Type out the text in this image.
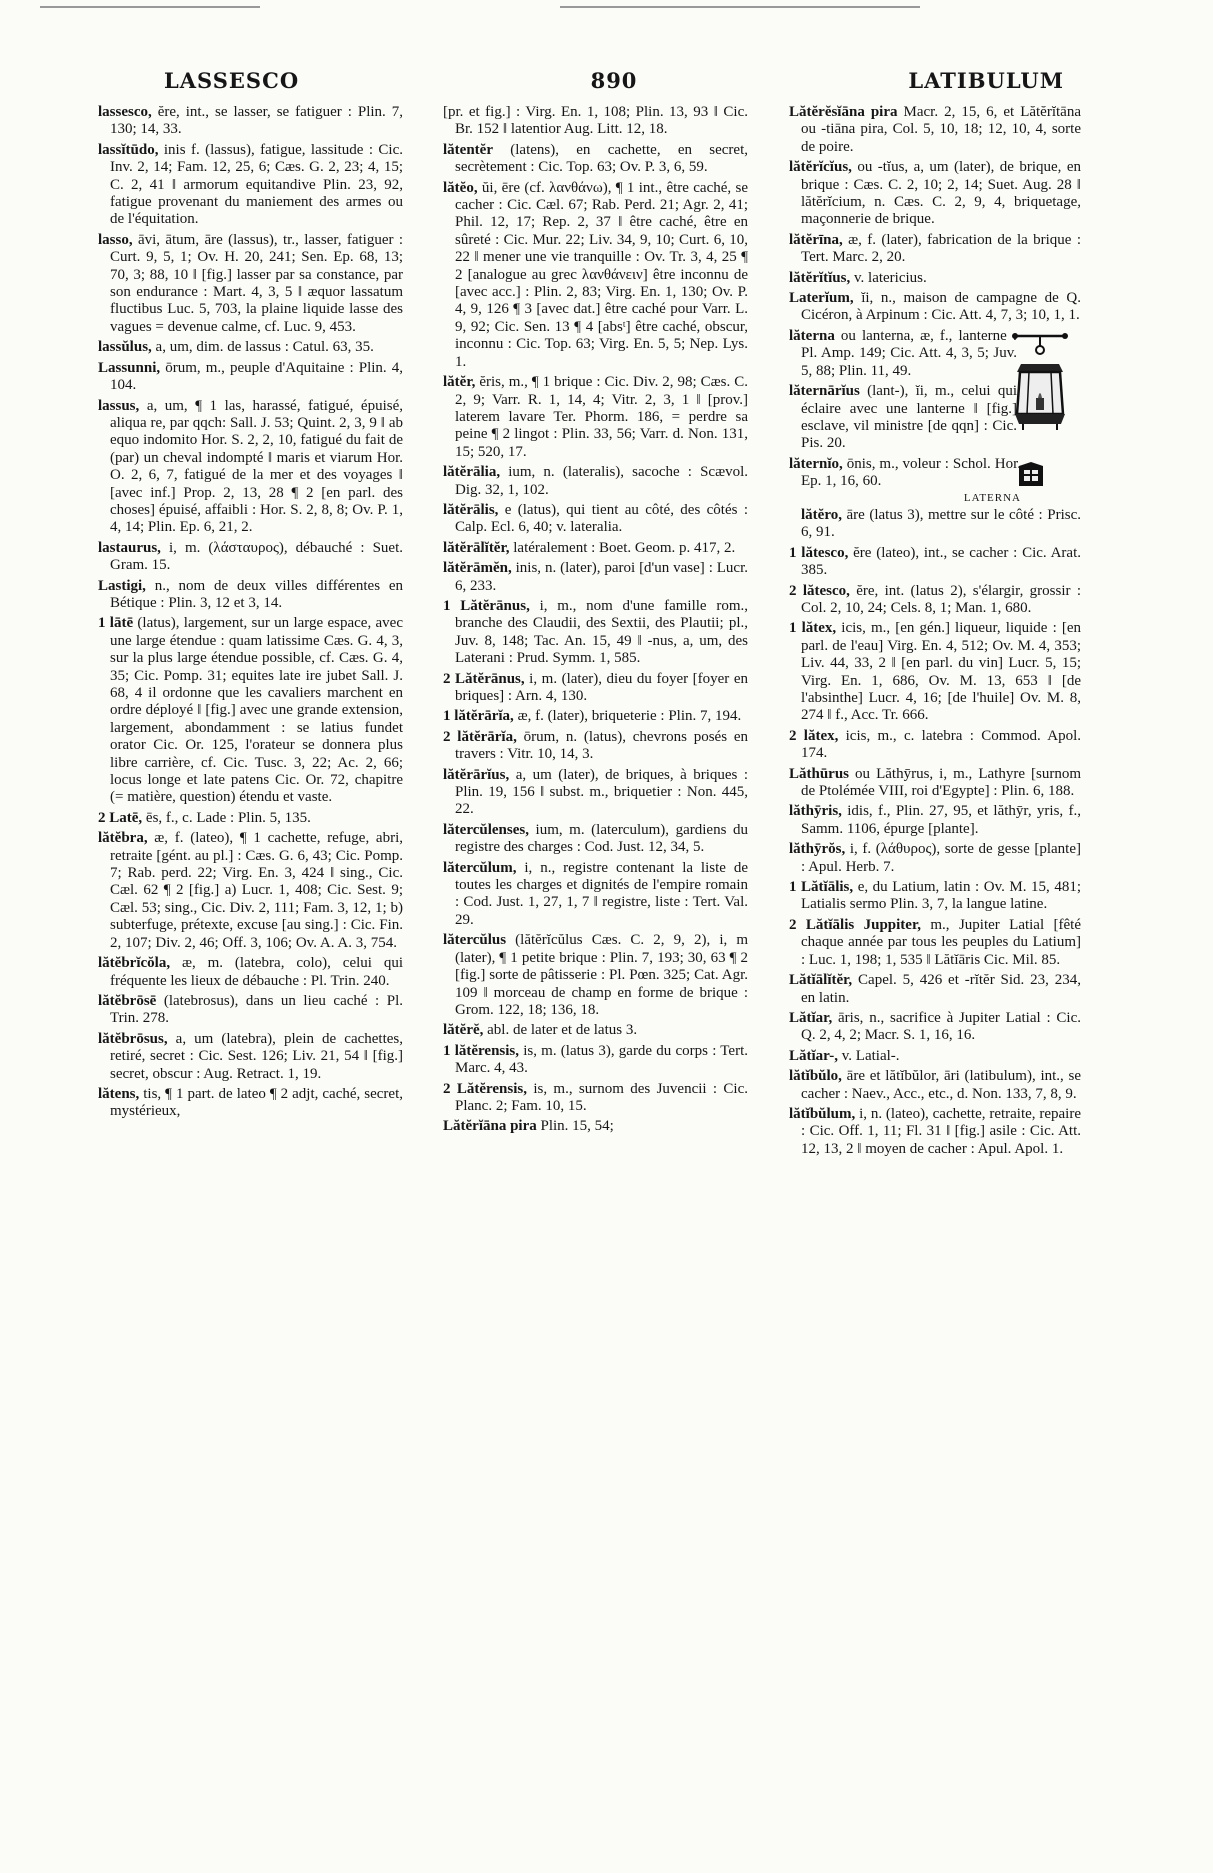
LASSESCO	890	LATIBULUM

lassesco, ĕre, int., se lasser, se fatiguer : Plin. 7, 130; 14, 33.

lassĭtūdo, inis f. (lassus), fatigue, lassitude : Cic. Inv. 2, 14; Fam. 12, 25, 6; Cæs. G. 2, 23; 4, 15; C. 2, 41 ‖ armorum equitandive Plin. 23, 92, fatigue provenant du maniement des armes ou de l'équitation.

lasso, āvi, ātum, āre (lassus), tr., lasser, fatiguer : Curt. 9, 5, 1; Ov. H. 20, 241; Sen. Ep. 68, 13; 70, 3; 88, 10 ‖ [fig.] lasser par sa constance, par son endurance : Mart. 4, 3, 5 ‖ æquor lassatum fluctibus Luc. 5, 703, la plaine liquide lasse des vagues = devenue calme, cf. Luc. 9, 453.

lassŭlus, a, um, dim. de lassus : Catul. 63, 35.

Lassunni, ōrum, m., peuple d'Aquitaine : Plin. 4, 104.

lassus, a, um, ¶ 1 las, harassé, fatigué, épuisé, aliqua re, par qqch: Sall. J. 53; Quint. 2, 3, 9 ‖ ab equo indomito Hor. S. 2, 2, 10, fatigué du fait de (par) un cheval indompté ‖ maris et viarum Hor. O. 2, 6, 7, fatigué de la mer et des voyages ‖ [avec inf.] Prop. 2, 13, 28 ¶ 2 [en parl. des choses] épuisé, affaibli : Hor. S. 2, 8, 8; Ov. P. 1, 4, 14; Plin. Ep. 6, 21, 2.

lastaurus, i, m. (λάσταυρος), débauché : Suet. Gram. 15.

Lastigi, n., nom de deux villes différentes en Bétique : Plin. 3, 12 et 3, 14.

1 lātē (latus), largement, sur un large espace, avec une large étendue : quam latissime Cæs. G. 4, 3, sur la plus large étendue possible, cf. Cæs. G. 4, 35; Cic. Pomp. 31; equites late ire jubet Sall. J. 68, 4 il ordonne que les cavaliers marchent en ordre déployé ‖ [fig.] avec une grande extension, largement, abondamment : se latius fundet orator Cic. Or. 125, l'orateur se donnera plus libre carrière, cf. Cic. Tusc. 3, 22; Ac. 2, 66; locus longe et late patens Cic. Or. 72, chapitre (= matière, question) étendu et vaste.

2 Latē, ēs, f., c. Lade : Plin. 5, 135.

lătĕbra, æ, f. (lateo), ¶ 1 cachette, refuge, abri, retraite [gént. au pl.] : Cæs. G. 6, 43; Cic. Pomp. 7; Rab. perd. 22; Virg. En. 3, 424 ‖ sing., Cic. Cæl. 62 ¶ 2 [fig.] a) Lucr. 1, 408; Cic. Sest. 9; Cæl. 53; sing., Cic. Div. 2, 111; Fam. 3, 12, 1; b) subterfuge, prétexte, excuse [au sing.] : Cic. Fin. 2, 107; Div. 2, 46; Off. 3, 106; Ov. A. A. 3, 754.

lătĕbrĭcŏla, æ, m. (latebra, colo), celui qui fréquente les lieux de débauche : Pl. Trin. 240.

lătĕbrōsē (latebrosus), dans un lieu caché : Pl. Trin. 278.

lătĕbrōsus, a, um (latebra), plein de cachettes, retiré, secret : Cic. Sest. 126; Liv. 21, 54 ‖ [fig.] secret, obscur : Aug. Retract. 1, 19.

lătens, tis, ¶ 1 part. de lateo ¶ 2 adjt, caché, secret, mystérieux,

[pr. et fig.] : Virg. En. 1, 108; Plin. 13, 93 ‖ Cic. Br. 152 ‖ latentior Aug. Litt. 12, 18.

lătentĕr (latens), en cachette, en secret, secrètement : Cic. Top. 63; Ov. P. 3, 6, 59.

lătĕo, ŭi, ēre (cf. λανθάνω), ¶ 1 int., être caché, se cacher : Cic. Cæl. 67; Rab. Perd. 21; Agr. 2, 41; Phil. 12, 17; Rep. 2, 37 ‖ être caché, être en sûreté : Cic. Mur. 22; Liv. 34, 9, 10; Curt. 6, 10, 22 ‖ mener une vie tranquille : Ov. Tr. 3, 4, 25 ¶ 2 [analogue au grec λανθάνειν] être inconnu de [avec acc.] : Plin. 2, 83; Virg. En. 1, 130; Ov. P. 4, 9, 126 ¶ 3 [avec dat.] être caché pour Varr. L. 9, 92; Cic. Sen. 13 ¶ 4 [absᵗ] être caché, obscur, inconnu : Cic. Top. 63; Virg. En. 5, 5; Nep. Lys. 1.

lătĕr, ĕris, m., ¶ 1 brique : Cic. Div. 2, 98; Cæs. C. 2, 9; Varr. R. 1, 14, 4; Vitr. 2, 3, 1 ‖ [prov.] laterem lavare Ter. Phorm. 186, = perdre sa peine ¶ 2 lingot : Plin. 33, 56; Varr. d. Non. 131, 15; 520, 17.

lătĕrālia, ium, n. (lateralis), sacoche : Scævol. Dig. 32, 1, 102.

lătĕrālis, e (latus), qui tient au côté, des côtés : Calp. Ecl. 6, 40; v. lateralia.

lătĕrālĭtĕr, latéralement : Boet. Geom. p. 417, 2.

lătĕrāmĕn, inis, n. (later), paroi [d'un vase] : Lucr. 6, 233.

1 Lătĕrānus, i, m., nom d'une famille rom., branche des Claudii, des Sextii, des Plautii; pl., Juv. 8, 148; Tac. An. 15, 49 ‖ -nus, a, um, des Laterani : Prud. Symm. 1, 585.

2 Lătĕrānus, i, m. (later), dieu du foyer [foyer en briques] : Arn. 4, 130.

1 lătĕrārĭa, æ, f. (later), briqueterie : Plin. 7, 194.

2 lătĕrārĭa, ōrum, n. (latus), chevrons posés en travers : Vitr. 10, 14, 3.

lătĕrārĭus, a, um (later), de briques, à briques : Plin. 19, 156 ‖ subst. m., briquetier : Non. 445, 22.

lătercŭlenses, ium, m. (laterculum), gardiens du registre des charges : Cod. Just. 12, 34, 5.

lătercŭlum, i, n., registre contenant la liste de toutes les charges et dignités de l'empire romain : Cod. Just. 1, 27, 1, 7 ‖ registre, liste : Tert. Val. 29.

lătercŭlus (lătĕrĭcŭlus Cæs. C. 2, 9, 2), i, m (later), ¶ 1 petite brique : Plin. 7, 193; 30, 63 ¶ 2 [fig.] sorte de pâtisserie : Pl. Pœn. 325; Cat. Agr. 109 ‖ morceau de champ en forme de brique : Grom. 122, 18; 136, 18.

lătĕrĕ, abl. de later et de latus 3.

1 lătĕrensis, is, m. (latus 3), garde du corps : Tert. Marc. 4, 43.

2 Lătĕrensis, is, m., surnom des Juvencii : Cic. Planc. 2; Fam. 10, 15.

Lătĕrĭāna pira Plin. 15, 54;

Lătĕrĕsĭāna pira Macr. 2, 15, 6, et Lătĕrĭtāna ou -tiāna pira, Col. 5, 10, 18; 12, 10, 4, sorte de poire.

lătĕrĭcĭus, ou -tĭus, a, um (later), de brique, en brique : Cæs. C. 2, 10; 2, 14; Suet. Aug. 28 ‖ lătĕrĭcium, n. Cæs. C. 2, 9, 4, briquetage, maçonnerie de brique.

lătĕrīna, æ, f. (later), fabrication de la brique : Tert. Marc. 2, 20.

lătĕrĭtĭus, v. latericius.

Laterĭum, ĭi, n., maison de campagne de Q. Cicéron, à Arpinum : Cic. Att. 4, 7, 3; 10, 1, 1.

lăterna ou lanterna, æ, f., lanterne : Pl. Amp. 149; Cic. Att. 4, 3, 5; Juv. 5, 88; Plin. 11, 49.

lăternārĭus (lant-), ĭi, m., celui qui éclaire avec une lanterne ‖ [fig.] esclave, vil ministre [de qqn] : Cic. Pis. 20.

lăternĭo, ōnis, m., voleur : Schol. Hor. Ep. 1, 16, 60.

LATERNA
lătĕro, āre (latus 3), mettre sur le côté : Prisc. 6, 91.

1 lătesco, ĕre (lateo), int., se cacher : Cic. Arat. 385.

2 lătesco, ĕre, int. (latus 2), s'élargir, grossir : Col. 2, 10, 24; Cels. 8, 1; Man. 1, 680.

1 lătex, icis, m., [en gén.] liqueur, liquide : [en parl. de l'eau] Virg. En. 4, 512; Ov. M. 4, 353; Liv. 44, 33, 2 ‖ [en parl. du vin] Lucr. 5, 15; Virg. En. 1, 686, Ov. M. 13, 653 ‖ [de l'absinthe] Lucr. 4, 16; [de l'huile] Ov. M. 8, 274 ‖ f., Acc. Tr. 666.

2 lătex, icis, m., c. latebra : Commod. Apol. 174.

Lăthūrus ou Lăthȳrus, i, m., Lathyre [surnom de Ptolémée VIII, roi d'Egypte] : Plin. 6, 188.

lăthȳris, idis, f., Plin. 27, 95, et lăthȳr, yris, f., Samm. 1106, épurge [plante].

lăthȳrŏs, i, f. (λάθυρος), sorte de gesse [plante] : Apul. Herb. 7.

1 Lătĭālis, e, du Latium, latin : Ov. M. 15, 481; Latialis sermo Plin. 3, 7, la langue latine.

2 Lătĭālis Juppiter, m., Jupiter Latial [fêté chaque année par tous les peuples du Latium] : Luc. 1, 198; 1, 535 ‖ Lătĭāris Cic. Mil. 85.

Lătĭālĭtĕr, Capel. 5, 426 et -rĭtĕr Sid. 23, 234, en latin.

Lătĭar, āris, n., sacrifice à Jupiter Latial : Cic. Q. 2, 4, 2; Macr. S. 1, 16, 16.

Lătĭar-, v. Latial-.

lătĭbŭlo, āre et lătĭbŭlor, āri (latibulum), int., se cacher : Naev., Acc., etc., d. Non. 133, 7, 8, 9.

lătĭbŭlum, i, n. (lateo), cachette, retraite, repaire : Cic. Off. 1, 11; Fl. 31 ‖ [fig.] asile : Cic. Att. 12, 13, 2 ‖ moyen de cacher : Apul. Apol. 1.
